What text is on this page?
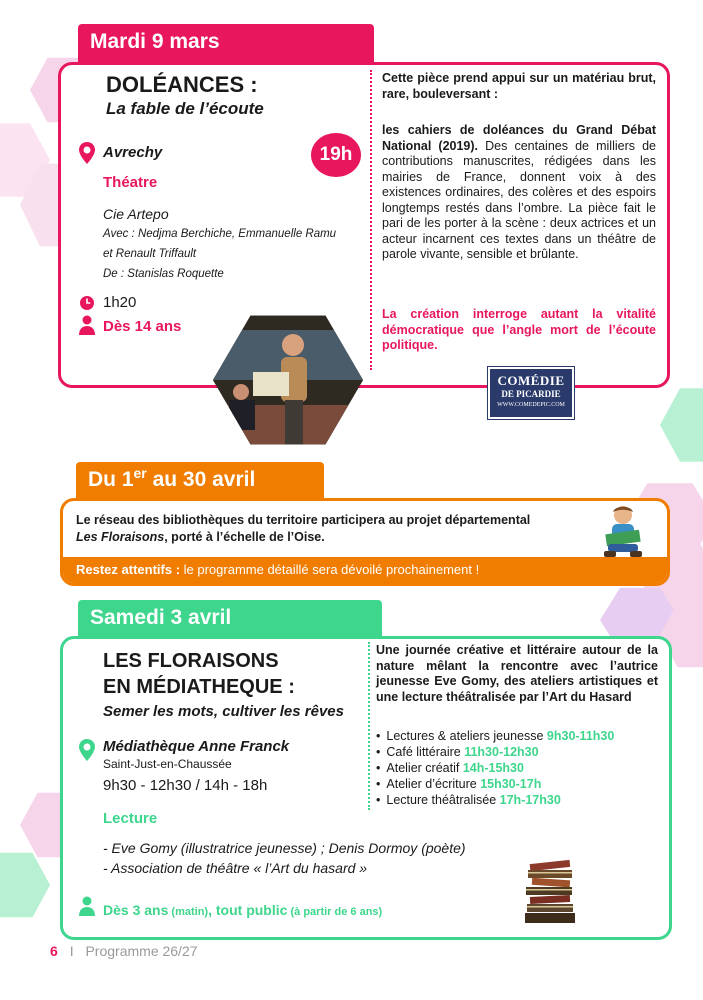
Mardi 9 mars
DOLÉANCES :
La fable de l’écoute
Avrechy
Théatre
19h
Cie Artepo
Avec : Nedjma Berchiche, Emmanuelle Ramu
et Renault Triffault
De : Stanislas Roquette
1h20
Dès 14 ans
Cette pièce prend appui sur un matériau brut, rare, bouleversant :
les cahiers de doléances du Grand Débat National (2019). Des centaines de milliers de contributions manuscrites, rédigées dans les mairies de France, donnent voix à des existences ordinaires, des colères et des espoirs longtemps restés dans l’ombre. La pièce fait le pari de les porter à la scène : deux actrices et un acteur incarnent ces textes dans un théâtre de parole vivante, sensible et brûlante.
La création interroge autant la vitalité démocratique que l’angle mort de l’écoute politique.
COMÉDIE
DE PICARDIE
WWW.COMEDEPIC.COM
Du 1er au 30 avril
Le réseau des bibliothèques du territoire participera au projet départemental
Les Floraisons, porté à l’échelle de l’Oise.
Restez attentifs : le programme détaillé sera dévoilé prochainement !
Samedi 3 avril
LES FLORAISONS
EN MÉDIATHEQUE :
Semer les mots, cultiver les rêves
Médiathèque Anne Franck
Saint-Just-en-Chaussée
9h30 - 12h30 / 14h - 18h
Lecture
- Eve Gomy (illustratrice jeunesse) ; Denis Dormoy (poète)
- Association de théâtre « l’Art du hasard »
Dès 3 ans (matin), tout public (à partir de 6 ans)
Une journée créative et littéraire autour de la nature mêlant la rencontre avec l’autrice jeunesse Eve Gomy, des ateliers artistiques et une lecture théâtralisée par l’Art du Hasard
• Lectures & ateliers jeunesse 9h30-11h30
• Café littéraire 11h30-12h30
• Atelier créatif 14h-15h30
• Atelier d’écriture 15h30-17h
• Lecture théâtralisée 17h-17h30
6 I Programme 26/27
